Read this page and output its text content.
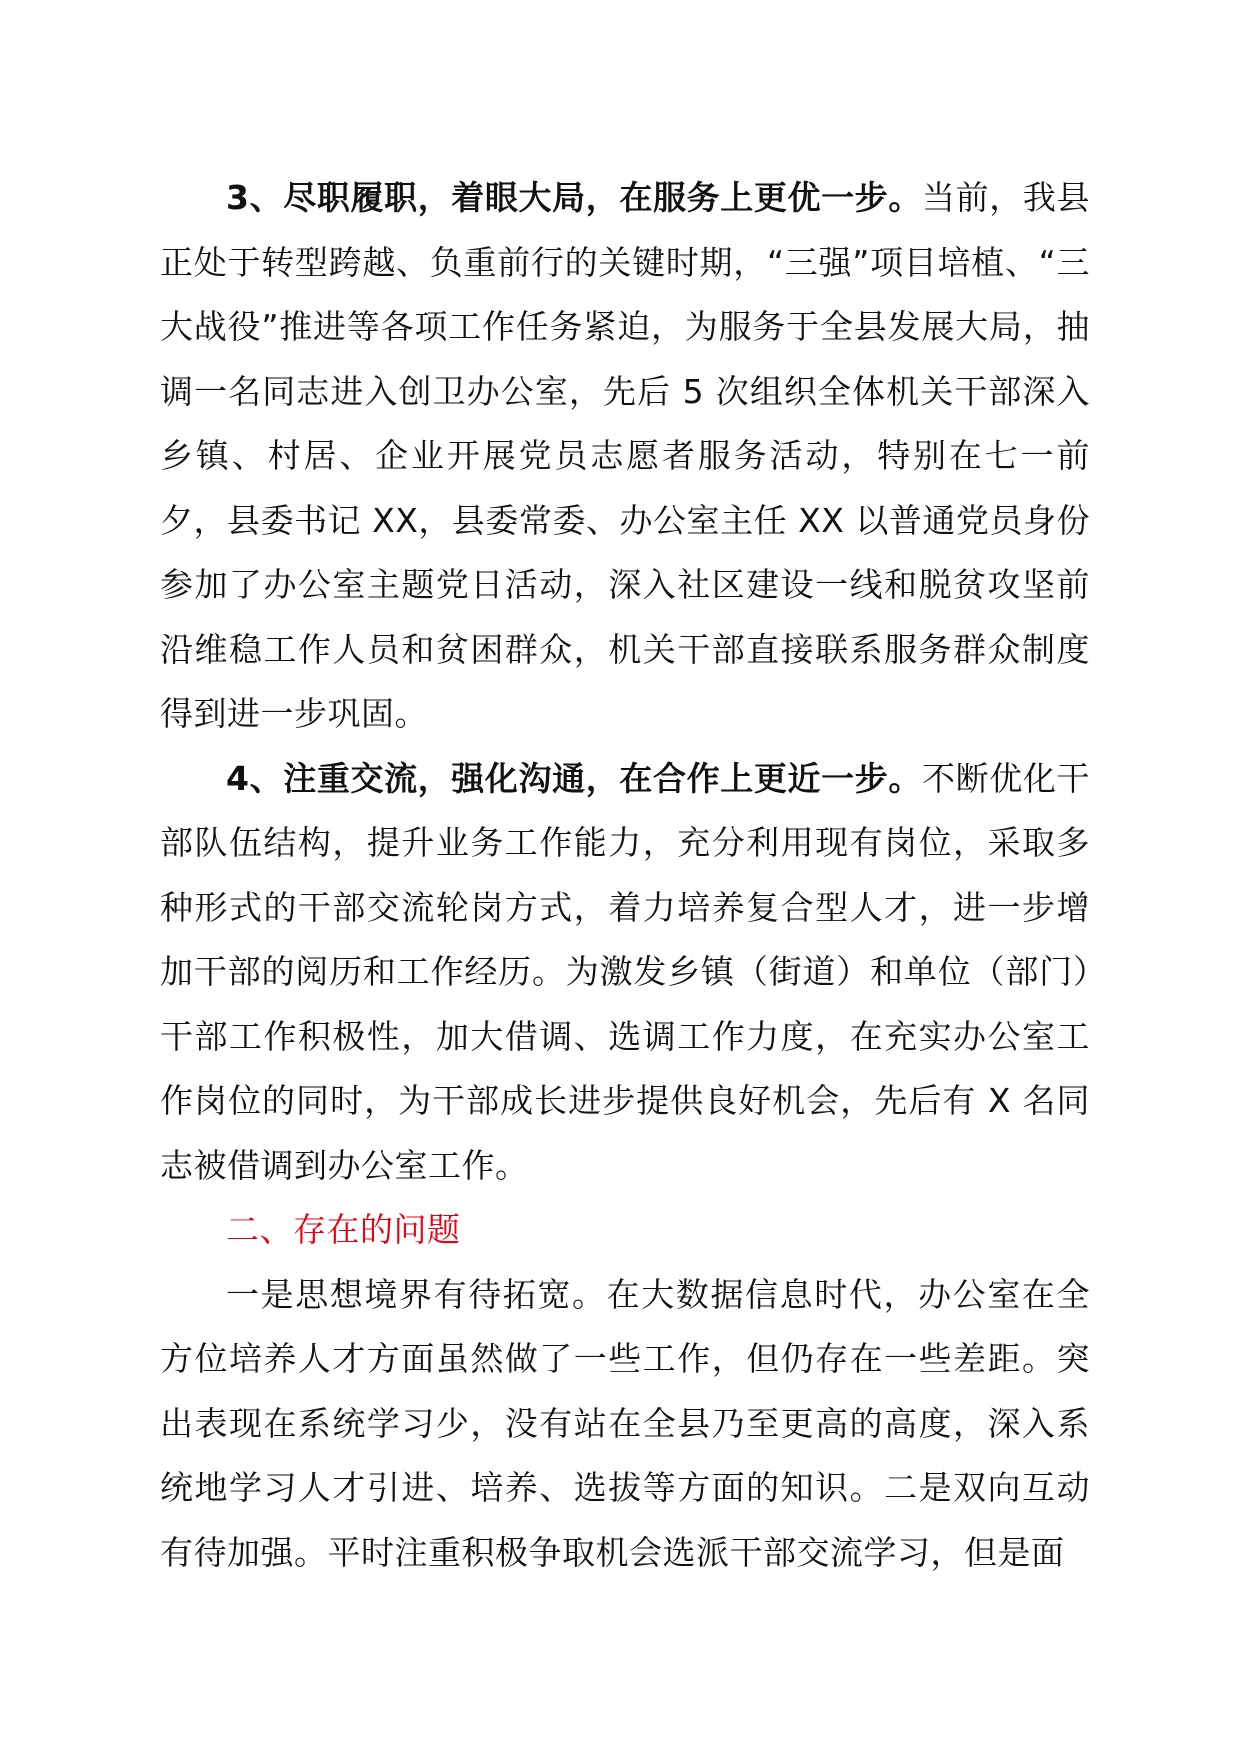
3、尽职履职，着眼大局，在服务上更优一步。当前，我县正处于转型跨越、负重前行的关键时期，“三强”项目培植、“三大战役”推进等各项工作任务紧迫，为服务于全县发展大局，抽调一名同志进入创卫办公室，先后 5 次组织全体机关干部深入乡镇、村居、企业开展党员志愿者服务活动，特别在七一前夕，县委书记 XX，县委常委、办公室主任 XX 以普通党员身份参加了办公室主题党日活动，深入社区建设一线和脱贫攻坚前沿维稳工作人员和贫困群众，机关干部直接联系服务群众制度得到进一步巩固。

4、注重交流，强化沟通，在合作上更近一步。不断优化干部队伍结构，提升业务工作能力，充分利用现有岗位，采取多种形式的干部交流轮岗方式，着力培养复合型人才，进一步增加干部的阅历和工作经历。为激发乡镇（街道）和单位（部门）干部工作积极性，加大借调、选调工作力度，在充实办公室工作岗位的同时，为干部成长进步提供良好机会，先后有 X 名同志被借调到办公室工作。

二、存在的问题

一是思想境界有待拓宽。在大数据信息时代，办公室在全方位培养人才方面虽然做了一些工作，但仍存在一些差距。突出表现在系统学习少，没有站在全县乃至更高的高度，深入系统地学习人才引进、培养、选拔等方面的知识。二是双向互动有待加强。平时注重积极争取机会选派干部交流学习，但是面
